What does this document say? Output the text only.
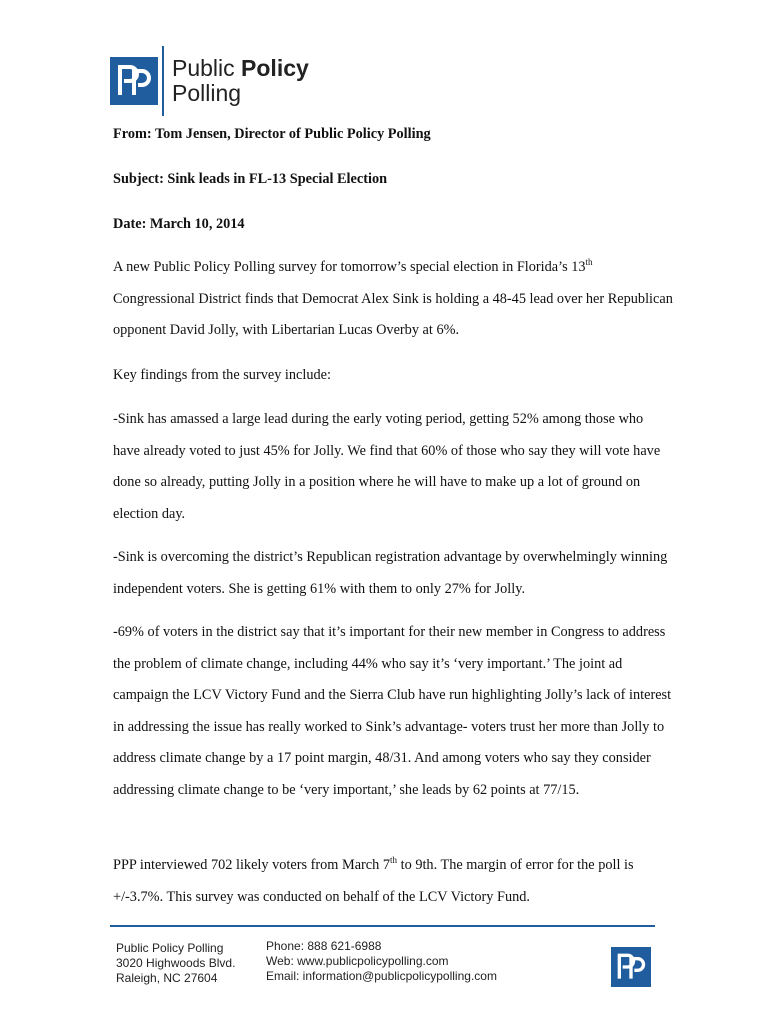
Public Policy
Polling
From: Tom Jensen, Director of Public Policy Polling
Subject: Sink leads in FL-13 Special Election
Date: March 10, 2014
A new Public Policy Polling survey for tomorrow’s special election in Florida’s 13th Congressional District finds that Democrat Alex Sink is holding a 48-45 lead over her Republican opponent David Jolly, with Libertarian Lucas Overby at 6%.
Key findings from the survey include:
-Sink has amassed a large lead during the early voting period, getting 52% among those who have already voted to just 45% for Jolly. We find that 60% of those who say they will vote have done so already, putting Jolly in a position where he will have to make up a lot of ground on election day.
-Sink is overcoming the district’s Republican registration advantage by overwhelmingly winning independent voters. She is getting 61% with them to only 27% for Jolly.
-69% of voters in the district say that it’s important for their new member in Congress to address the problem of climate change, including 44% who say it’s ‘very important.’ The joint ad campaign the LCV Victory Fund and the Sierra Club have run highlighting Jolly’s lack of interest in addressing the issue has really worked to Sink’s advantage- voters trust her more than Jolly to address climate change by a 17 point margin, 48/31. And among voters who say they consider addressing climate change to be ‘very important,’ she leads by 62 points at 77/15.
PPP interviewed 702 likely voters from March 7th to 9th. The margin of error for the poll is +/-3.7%. This survey was conducted on behalf of the LCV Victory Fund.
Public Policy Polling
3020 Highwoods Blvd.
Raleigh, NC 27604
Phone: 888 621-6988
Web: www.publicpolicypolling.com
Email: information@publicpolicypolling.com
